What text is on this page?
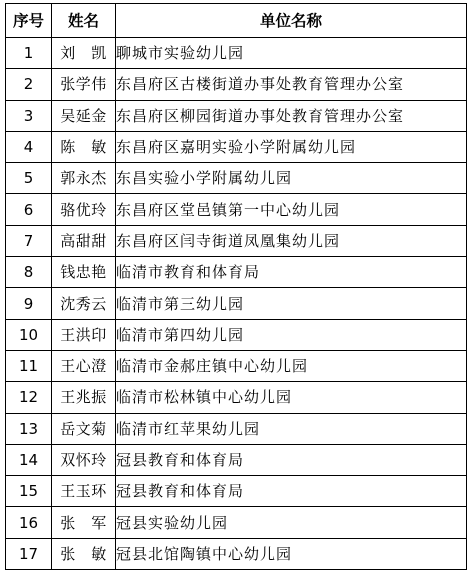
序号	姓名	单位名称
1	刘　凯	聊城市实验幼儿园
2	张学伟	东昌府区古楼街道办事处教育管理办公室
3	吴延金	东昌府区柳园街道办事处教育管理办公室
4	陈　敏	东昌府区嘉明实验小学附属幼儿园
5	郭永杰	东昌实验小学附属幼儿园
6	骆优玲	东昌府区堂邑镇第一中心幼儿园
7	高甜甜	东昌府区闫寺街道凤凰集幼儿园
8	钱忠艳	临清市教育和体育局
9	沈秀云	临清市第三幼儿园
10	王洪印	临清市第四幼儿园
11	王心澄	临清市金郝庄镇中心幼儿园
12	王兆振	临清市松林镇中心幼儿园
13	岳文菊	临清市红苹果幼儿园
14	双怀玲	冠县教育和体育局
15	王玉环	冠县教育和体育局
16	张　军	冠县实验幼儿园
17	张　敏	冠县北馆陶镇中心幼儿园
